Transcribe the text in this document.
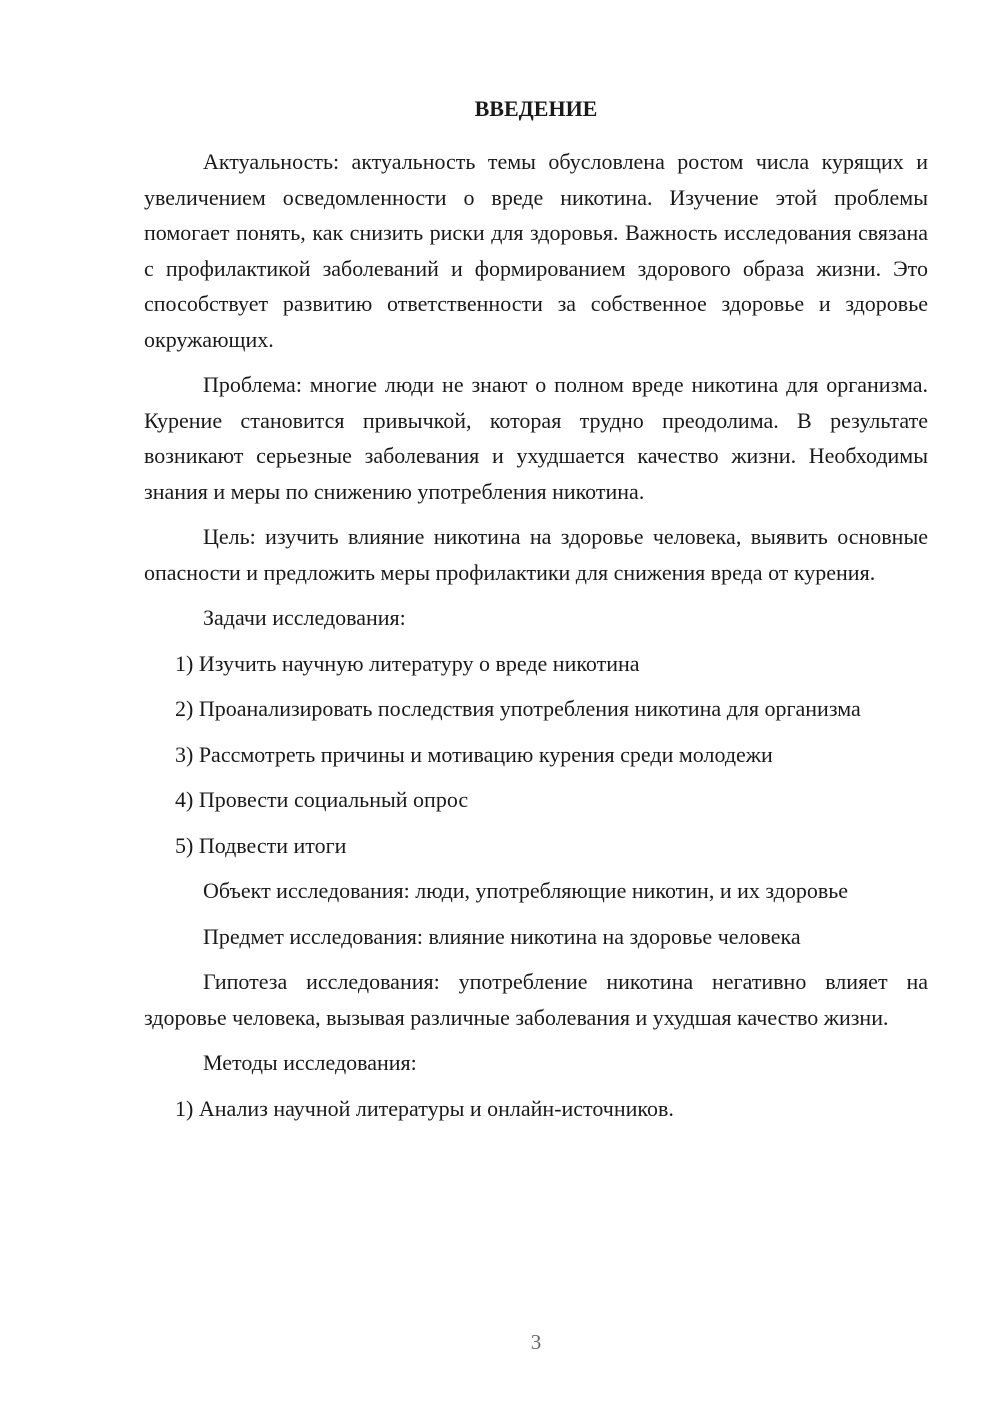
ВВЕДЕНИЕ

Актуальность: актуальность темы обусловлена ростом числа курящих и увеличением осведомленности о вреде никотина. Изучение этой проблемы помогает понять, как снизить риски для здоровья. Важность исследования связана с профилактикой заболеваний и формированием здорового образа жизни. Это способствует развитию ответственности за собственное здоровье и здоровье окружающих.

Проблема: многие люди не знают о полном вреде никотина для организма. Курение становится привычкой, которая трудно преодолима. В результате возникают серьезные заболевания и ухудшается качество жизни. Необходимы знания и меры по снижению употребления никотина.

Цель: изучить влияние никотина на здоровье человека, выявить основные опасности и предложить меры профилактики для снижения вреда от курения.

Задачи исследования:

1) Изучить научную литературу о вреде никотина

2) Проанализировать последствия употребления никотина для организма

3) Рассмотреть причины и мотивацию курения среди молодежи

4) Провести социальный опрос

5) Подвести итоги

Объект исследования: люди, употребляющие никотин, и их здоровье

Предмет исследования: влияние никотина на здоровье человека

Гипотеза исследования: употребление никотина негативно влияет на здоровье человека, вызывая различные заболевания и ухудшая качество жизни.

Методы исследования:

1) Анализ научной литературы и онлайн-источников.

3
